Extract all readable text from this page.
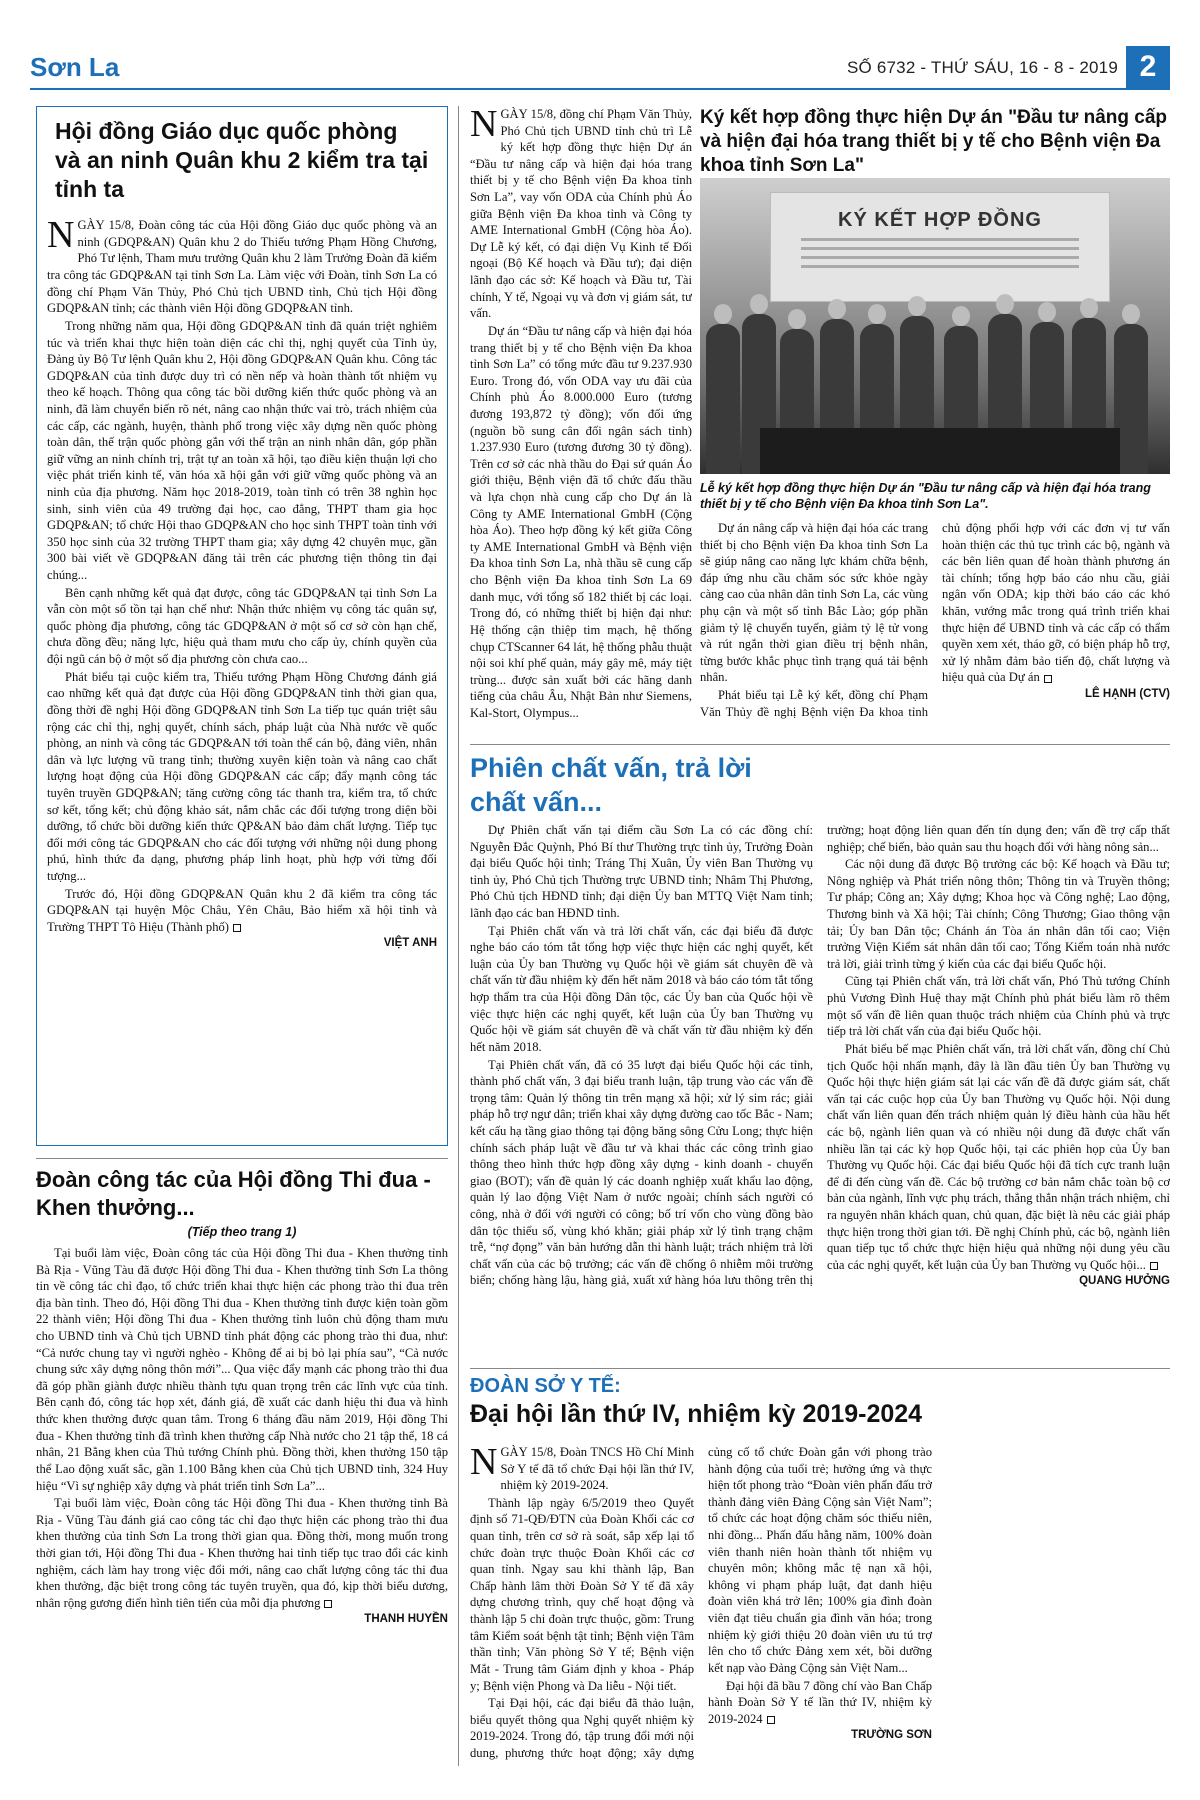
Sơn La	SỐ 6732 - THỨ SÁU, 16 - 8 - 2019 2
Hội đồng Giáo dục quốc phòng và an ninh Quân khu 2 kiểm tra tại tỉnh ta
NGÀY 15/8, Đoàn công tác của Hội đồng Giáo dục quốc phòng và an ninh (GDQP&AN) Quân khu 2 do Thiếu tướng Phạm Hồng Chương, Phó Tư lệnh, Tham mưu trưởng Quân khu 2 làm Trưởng Đoàn đã kiểm tra công tác GDQP&AN tại tỉnh Sơn La. Làm việc với Đoàn, tỉnh Sơn La có đồng chí Phạm Văn Thủy, Phó Chủ tịch UBND tỉnh, Chủ tịch Hội đồng GDQP&AN tỉnh; các thành viên Hội đồng GDQP&AN tỉnh.
Trong những năm qua, Hội đồng GDQP&AN tỉnh đã quán triệt nghiêm túc và triển khai thực hiện toàn diện các chỉ thị, nghị quyết của Tỉnh ủy, Đảng ủy Bộ Tư lệnh Quân khu 2, Hội đồng GDQP&AN Quân khu. Công tác GDQP&AN của tỉnh được duy trì có nền nếp và hoàn thành tốt nhiệm vụ theo kế hoạch. Thông qua công tác bồi dưỡng kiến thức quốc phòng và an ninh, đã làm chuyển biến rõ nét, nâng cao nhận thức vai trò, trách nhiệm của các cấp, các ngành, huyện, thành phố trong việc xây dựng nền quốc phòng toàn dân, thế trận quốc phòng gắn với thế trận an ninh nhân dân, góp phần giữ vững an ninh chính trị, trật tự an toàn xã hội, tạo điều kiện thuận lợi cho việc phát triển kinh tế, văn hóa xã hội gắn với giữ vững quốc phòng và an ninh của địa phương. Năm học 2018-2019, toàn tỉnh có trên 38 nghìn học sinh, sinh viên của 49 trường đại học, cao đẳng, THPT tham gia học GDQP&AN; tổ chức Hội thao GDQP&AN cho học sinh THPT toàn tỉnh với 350 học sinh của 32 trường THPT tham gia; xây dựng 42 chuyên mục, gần 300 bài viết về GDQP&AN đăng tải trên các phương tiện thông tin đại chúng...
Bên cạnh những kết quả đạt được, công tác GDQP&AN tại tỉnh Sơn La vẫn còn một số tồn tại hạn chế như: Nhận thức nhiệm vụ công tác quân sự, quốc phòng địa phương, công tác GDQP&AN ở một số cơ sở còn hạn chế, chưa đồng đều; năng lực, hiệu quả tham mưu cho cấp ủy, chính quyền của đội ngũ cán bộ ở một số địa phương còn chưa cao...
Phát biểu tại cuộc kiểm tra, Thiếu tướng Phạm Hồng Chương đánh giá cao những kết quả đạt được của Hội đồng GDQP&AN tỉnh thời gian qua, đồng thời đề nghị Hội đồng GDQP&AN tỉnh Sơn La tiếp tục quán triệt sâu rộng các chỉ thị, nghị quyết, chính sách, pháp luật của Nhà nước về quốc phòng, an ninh và công tác GDQP&AN tới toàn thể cán bộ, đảng viên, nhân dân và lực lượng vũ trang tỉnh; thường xuyên kiện toàn và nâng cao chất lượng hoạt động của Hội đồng GDQP&AN các cấp; đẩy mạnh công tác tuyên truyền GDQP&AN; tăng cường công tác thanh tra, kiểm tra, tổ chức sơ kết, tổng kết; chủ động khảo sát, nắm chắc các đối tượng trong diện bồi dưỡng, tổ chức bồi dưỡng kiến thức QP&AN bảo đảm chất lượng. Tiếp tục đổi mới công tác GDQP&AN cho các đối tượng với những nội dung phong phú, hình thức đa dạng, phương pháp linh hoạt, phù hợp với từng đối tượng...
Trước đó, Hội đồng GDQP&AN Quân khu 2 đã kiểm tra công tác GDQP&AN tại huyện Mộc Châu, Yên Châu, Bảo hiểm xã hội tỉnh và Trường THPT Tô Hiệu (Thành phố)
VIỆT ANH
Đoàn công tác của Hội đồng Thi đua - Khen thưởng...
(Tiếp theo trang 1)
Tại buổi làm việc, Đoàn công tác của Hội đồng Thi đua - Khen thưởng tỉnh Bà Rịa - Vũng Tàu đã được Hội đồng Thi đua - Khen thưởng tỉnh Sơn La thông tin về công tác chỉ đạo, tổ chức triển khai thực hiện các phong trào thi đua trên địa bàn tỉnh. Theo đó, Hội đồng Thi đua - Khen thưởng tỉnh được kiện toàn gồm 22 thành viên; Hội đồng Thi đua - Khen thưởng tỉnh luôn chủ động tham mưu cho UBND tỉnh và Chủ tịch UBND tỉnh phát động các phong trào thi đua, như: “Cả nước chung tay vì người nghèo - Không để ai bị bỏ lại phía sau”, “Cả nước chung sức xây dựng nông thôn mới”... Qua việc đẩy mạnh các phong trào thi đua đã góp phần giành được nhiều thành tựu quan trọng trên các lĩnh vực của tỉnh. Bên cạnh đó, công tác họp xét, đánh giá, đề xuất các danh hiệu thi đua và hình thức khen thưởng được quan tâm. Trong 6 tháng đầu năm 2019, Hội đồng Thi đua - Khen thưởng tỉnh đã trình khen thưởng cấp Nhà nước cho 21 tập thể, 18 cá nhân, 21 Bằng khen của Thủ tướng Chính phủ. Đồng thời, khen thưởng 150 tập thể Lao động xuất sắc, gần 1.100 Bằng khen của Chủ tịch UBND tỉnh, 324 Huy hiệu “Vì sự nghiệp xây dựng và phát triển tỉnh Sơn La”...
Tại buổi làm việc, Đoàn công tác Hội đồng Thi đua - Khen thưởng tỉnh Bà Rịa - Vũng Tàu đánh giá cao công tác chỉ đạo thực hiện các phong trào thi đua khen thưởng của tỉnh Sơn La trong thời gian qua. Đồng thời, mong muốn trong thời gian tới, Hội đồng Thi đua - Khen thưởng hai tỉnh tiếp tục trao đổi các kinh nghiệm, cách làm hay trong việc đổi mới, nâng cao chất lượng công tác thi đua khen thưởng, đặc biệt trong công tác tuyên truyền, qua đó, kịp thời biểu dương, nhân rộng gương điển hình tiên tiến của mỗi địa phương
THANH HUYỀN
Ký kết hợp đồng thực hiện Dự án "Đầu tư nâng cấp và hiện đại hóa trang thiết bị y tế cho Bệnh viện Đa khoa tỉnh Sơn La"
KÝ KẾT HỢP ĐỒNG
Lễ ký kết hợp đồng thực hiện Dự án "Đầu tư nâng cấp và hiện đại hóa trang thiết bị y tế cho Bệnh viện Đa khoa tỉnh Sơn La".
NGÀY 15/8, đồng chí Phạm Văn Thủy, Phó Chủ tịch UBND tỉnh chủ trì Lễ ký kết hợp đồng thực hiện Dự án “Đầu tư nâng cấp và hiện đại hóa trang thiết bị y tế cho Bệnh viện Đa khoa tỉnh Sơn La”, vay vốn ODA của Chính phủ Áo giữa Bệnh viện Đa khoa tỉnh và Công ty AME International GmbH (Cộng hòa Áo). Dự Lễ ký kết, có đại diện Vụ Kinh tế Đối ngoại (Bộ Kế hoạch và Đầu tư); đại diện lãnh đạo các sở: Kế hoạch và Đầu tư, Tài chính, Y tế, Ngoại vụ và đơn vị giám sát, tư vấn.
Dự án “Đầu tư nâng cấp và hiện đại hóa trang thiết bị y tế cho Bệnh viện Đa khoa tỉnh Sơn La” có tổng mức đầu tư 9.237.930 Euro. Trong đó, vốn ODA vay ưu đãi của Chính phủ Áo 8.000.000 Euro (tương đương 193,872 tỷ đồng); vốn đối ứng (nguồn bồ sung cân đối ngân sách tỉnh) 1.237.930 Euro (tương đương 30 tỷ đồng). Trên cơ sở các nhà thầu do Đại sứ quán Áo giới thiệu, Bệnh viện đã tổ chức đấu thầu và lựa chọn nhà cung cấp cho Dự án là Công ty AME International GmbH (Cộng hòa Áo). Theo hợp đồng ký kết giữa Công ty AME International GmbH và Bệnh viện Đa khoa tỉnh Sơn La, nhà thầu sẽ cung cấp cho Bệnh viện Đa khoa tỉnh Sơn La 69 danh mục, với tổng số 182 thiết bị các loại. Trong đó, có những thiết bị hiện đại như: Hệ thống cận thiệp tim mạch, hệ thống chụp CTScanner 64 lát, hệ thống phẫu thuật nội soi khí phế quản, máy gây mê, máy tiệt trùng... được sản xuất bởi các hãng danh tiếng của châu Âu, Nhật Bản như Siemens, Kal-Stort, Olympus...
Dự án nâng cấp và hiện đại hóa các trang thiết bị cho Bệnh viện Đa khoa tỉnh Sơn La sẽ giúp nâng cao năng lực khám chữa bệnh, đáp ứng nhu cầu chăm sóc sức khỏe ngày càng cao của nhân dân tỉnh Sơn La, các vùng phụ cận và một số tỉnh Bắc Lào; góp phần giảm tỷ lệ chuyển tuyến, giảm tỷ lệ tử vong và rút ngắn thời gian điều trị bệnh nhân, từng bước khắc phục tình trạng quá tải bệnh nhân.
Phát biểu tại Lễ ký kết, đồng chí Phạm Văn Thủy đề nghị Bệnh viện Đa khoa tỉnh chủ động phối hợp với các đơn vị tư vấn hoàn thiện các thủ tục trình các bộ, ngành và các bên liên quan để hoàn thành phương án tài chính; tổng hợp báo cáo nhu cầu, giải ngân vốn ODA; kịp thời báo cáo các khó khăn, vướng mắc trong quá trình triển khai thực hiện để UBND tỉnh và các cấp có thẩm quyền xem xét, tháo gỡ, có biện pháp hỗ trợ, xử lý nhằm đảm bảo tiến độ, chất lượng và hiệu quả của Dự án
LÊ HẠNH (CTV)
Phiên chất vấn, trả lời chất vấn...
Dự Phiên chất vấn tại điểm cầu Sơn La có các đồng chí: Nguyễn Đắc Quỳnh, Phó Bí thư Thường trực tỉnh ủy, Trưởng Đoàn đại biểu Quốc hội tỉnh; Tráng Thị Xuân, Ủy viên Ban Thường vụ tỉnh ủy, Phó Chủ tịch Thường trực UBND tỉnh; Nhâm Thị Phương, Phó Chủ tịch HĐND tỉnh; đại diện Ủy ban MTTQ Việt Nam tỉnh; lãnh đạo các ban HĐND tỉnh.
Tại Phiên chất vấn và trả lời chất vấn, các đại biểu đã được nghe báo cáo tóm tắt tổng hợp việc thực hiện các nghị quyết, kết luận của Ủy ban Thường vụ Quốc hội về giám sát chuyên đề và chất vấn từ đầu nhiệm kỳ đến hết năm 2018 và báo cáo tóm tắt tổng hợp thẩm tra của Hội đồng Dân tộc, các Ủy ban của Quốc hội về việc thực hiện các nghị quyết, kết luận của Ủy ban Thường vụ Quốc hội về giám sát chuyên đề và chất vấn từ đầu nhiệm kỳ đến hết năm 2018.
Tại Phiên chất vấn, đã có 35 lượt đại biểu Quốc hội các tỉnh, thành phố chất vấn, 3 đại biểu tranh luận, tập trung vào các vấn đề trọng tâm: Quản lý thông tin trên mạng xã hội; xử lý sim rác; giải pháp hỗ trợ ngư dân; triển khai xây dựng đường cao tốc Bắc - Nam; kết cấu hạ tầng giao thông tại động băng sông Cửu Long; thực hiện chính sách pháp luật về đầu tư và khai thác các công trình giao thông theo hình thức hợp đồng xây dựng - kinh doanh - chuyển giao (BOT); vấn đề quản lý các doanh nghiệp xuất khẩu lao động, quản lý lao động Việt Nam ở nước ngoài; chính sách người có công, nhà ở đối với người có công; bố trí vốn cho vùng đồng bào dân tộc thiểu số, vùng khó khăn; giải pháp xử lý tình trạng chậm trễ, “nợ đọng” văn bản hướng dẫn thi hành luật; trách nhiệm trả lời chất vấn của các bộ trưởng; các vấn đề chống ô nhiễm môi trường biển; chống hàng lậu, hàng giả, xuất xứ hàng hóa lưu thông trên thị trường; hoạt động liên quan đến tín dụng đen; vấn đề trợ cấp thất nghiệp; chế biến, bảo quản sau thu hoạch đối với hàng nông sản...
Các nội dung đã được Bộ trưởng các bộ: Kế hoạch và Đầu tư; Nông nghiệp và Phát triển nông thôn; Thông tin và Truyền thông; Tư pháp; Công an; Xây dựng; Khoa học và Công nghệ; Lao động, Thương binh và Xã hội; Tài chính; Công Thương; Giao thông vận tải; Ủy ban Dân tộc; Chánh án Tòa án nhân dân tối cao; Viện trưởng Viện Kiểm sát nhân dân tối cao; Tổng Kiểm toán nhà nước trả lời, giải trình từng ý kiến của các đại biểu Quốc hội.
Cũng tại Phiên chất vấn, trả lời chất vấn, Phó Thủ tướng Chính phủ Vương Đình Huệ thay mặt Chính phủ phát biểu làm rõ thêm một số vấn đề liên quan thuộc trách nhiệm của Chính phủ và trực tiếp trả lời chất vấn của đại biểu Quốc hội.
Phát biểu bế mạc Phiên chất vấn, trả lời chất vấn, đồng chí Chủ tịch Quốc hội nhấn mạnh, đây là lần đầu tiên Ủy ban Thường vụ Quốc hội thực hiện giám sát lại các vấn đề đã được giám sát, chất vấn tại các cuộc họp của Ủy ban Thường vụ Quốc hội. Nội dung chất vấn liên quan đến trách nhiệm quản lý điều hành của hầu hết các bộ, ngành liên quan và có nhiều nội dung đã được chất vấn nhiều lần tại các kỳ họp Quốc hội, tại các phiên họp của Ủy ban Thường vụ Quốc hội. Các đại biểu Quốc hội đã tích cực tranh luận để đi đến cùng vấn đề. Các bộ trưởng cơ bản nắm chắc toàn bộ cơ bản của ngành, lĩnh vực phụ trách, thẳng thắn nhận trách nhiệm, chỉ ra nguyên nhân khách quan, chủ quan, đặc biệt là nêu các giải pháp thực hiện trong thời gian tới. Đề nghị Chính phủ, các bộ, ngành liên quan tiếp tục tổ chức thực hiện hiệu quả những nội dung yêu cầu của các nghị quyết, kết luận của Ủy ban Thường vụ Quốc hội...
QUANG HƯỞNG
ĐOÀN SỞ Y TẾ:
Đại hội lần thứ IV, nhiệm kỳ 2019-2024
NGÀY 15/8, Đoàn TNCS Hồ Chí Minh Sở Y tế đã tổ chức Đại hội lần thứ IV, nhiệm kỳ 2019-2024.
Thành lập ngày 6/5/2019 theo Quyết định số 71-QĐ/ĐTN của Đoàn Khối các cơ quan tỉnh, trên cơ sở rà soát, sắp xếp lại tổ chức đoàn trực thuộc Đoàn Khối các cơ quan tỉnh. Ngay sau khi thành lập, Ban Chấp hành lâm thời Đoàn Sở Y tế đã xây dựng chương trình, quy chế hoạt động và thành lập 5 chi đoàn trực thuộc, gồm: Trung tâm Kiểm soát bệnh tật tỉnh; Bệnh viện Tâm thần tỉnh; Văn phòng Sở Y tế; Bệnh viện Mắt - Trung tâm Giám định y khoa - Pháp y; Bệnh viện Phong và Da liễu - Nội tiết.
Tại Đại hội, các đại biểu đã thảo luận, biểu quyết thông qua Nghị quyết nhiệm kỳ 2019-2024. Trong đó, tập trung đổi mới nội dung, phương thức hoạt động; xây dựng củng cố tổ chức Đoàn gắn với phong trào hành động của tuổi trẻ; hưởng ứng và thực hiện tốt phong trào “Đoàn viên phấn đấu trở thành đảng viên Đảng Cộng sản Việt Nam”; tổ chức các hoạt động chăm sóc thiếu niên, nhi đồng... Phấn đấu hằng năm, 100% đoàn viên thanh niên hoàn thành tốt nhiệm vụ chuyên môn; không mắc tệ nạn xã hội, không vi phạm pháp luật, đạt danh hiệu đoàn viên khá trở lên; 100% gia đình đoàn viên đạt tiêu chuẩn gia đình văn hóa; trong nhiệm kỳ giới thiệu 20 đoàn viên ưu tú trợ lên cho tổ chức Đảng xem xét, bồi dưỡng kết nạp vào Đảng Cộng sản Việt Nam...
Đại hội đã bầu 7 đồng chí vào Ban Chấp hành Đoàn Sở Y tế lần thứ IV, nhiệm kỳ 2019-2024
TRƯỜNG SƠN
